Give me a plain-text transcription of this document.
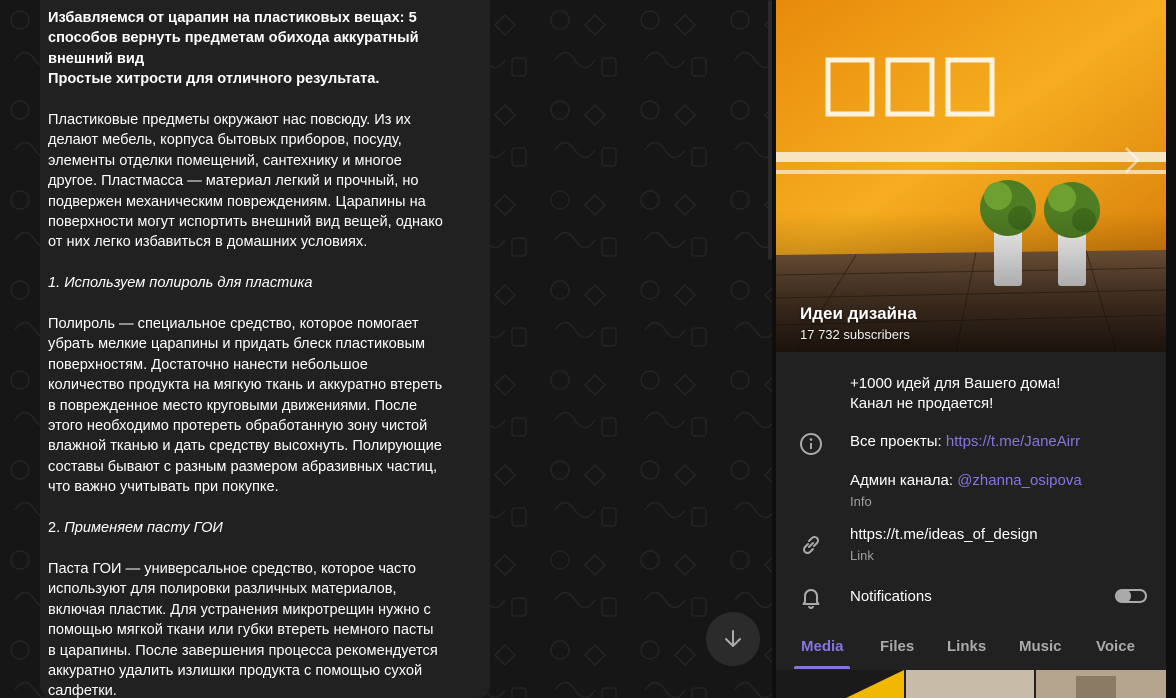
Избавляемся от царапин на пластиковых вещах: 5
способов вернуть предметам обихода аккуратный
внешний вид
Простые хитрости для отличного результата.
Пластиковые предметы окружают нас повсюду. Из их
делают мебель, корпуса бытовых приборов, посуду,
элементы отделки помещений, сантехнику и многое
другое. Пластмасса — материал легкий и прочный, но
подвержен механическим повреждениям. Царапины на
поверхности могут испортить внешний вид вещей, однако
от них легко избавиться в домашних условиях.
1. Используем полироль для пластика
Полироль — специальное средство, которое помогает
убрать мелкие царапины и придать блеск пластиковым
поверхностям. Достаточно нанести небольшое
количество продукта на мягкую ткань и аккуратно втереть
в поврежденное место круговыми движениями. После
этого необходимо протереть обработанную зону чистой
влажной тканью и дать средству высохнуть. Полирующие
составы бывают с разным размером абразивных частиц,
что важно учитывать при покупке.
2. Применяем пасту ГОИ
Паста ГОИ — универсальное средство, которое часто
используют для полировки различных материалов,
включая пластик. Для устранения микротрещин нужно с
помощью мягкой ткани или губки втереть немного пасты
в царапины. После завершения процесса рекомендуется
аккуратно удалить излишки продукта с помощью сухой
салфетки.
Идеи дизайна
17 732 subscribers
+1000 идей для Вашего дома!
Канал не продается!
Все проекты: https://t.me/JaneAirr
Админ канала: @zhanna_osipova
Info
https://t.me/ideas_of_design
Link
Notifications
Media Files Links Music Voice
